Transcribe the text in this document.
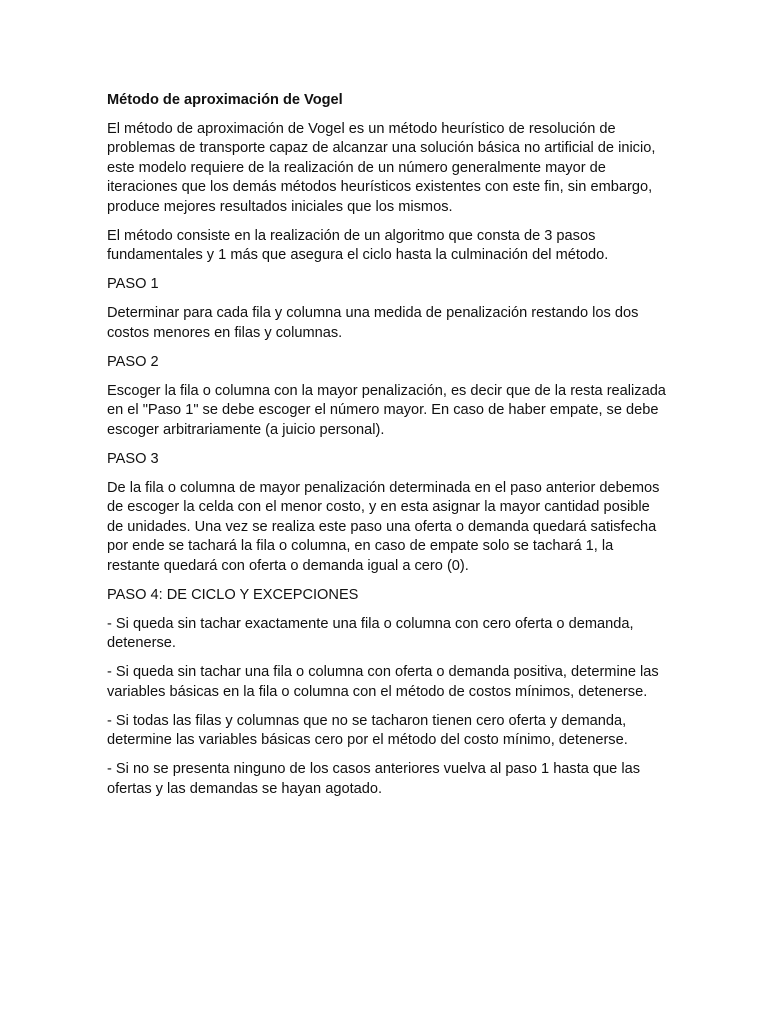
Método de aproximación de Vogel

El método de aproximación de Vogel es un método heurístico de resolución de problemas de transporte capaz de alcanzar una solución básica no artificial de inicio, este modelo requiere de la realización de un número generalmente mayor de iteraciones que los demás métodos heurísticos existentes con este fin, sin embargo, produce mejores resultados iniciales que los mismos.

El método consiste en la realización de un algoritmo que consta de 3 pasos fundamentales y 1 más que asegura el ciclo hasta la culminación del método.

PASO 1

Determinar para cada fila y columna una medida de penalización restando los dos costos menores en filas y columnas.

PASO 2

Escoger la fila o columna con la mayor penalización, es decir que de la resta realizada en el "Paso 1" se debe escoger el número mayor. En caso de haber empate, se debe escoger arbitrariamente (a juicio personal).

PASO 3

De la fila o columna de mayor penalización determinada en el paso anterior debemos de escoger la celda con el menor costo, y en esta asignar la mayor cantidad posible de unidades. Una vez se realiza este paso una oferta o demanda quedará satisfecha por ende se tachará la fila o columna, en caso de empate solo se tachará 1, la restante quedará con oferta o demanda igual a cero (0).

PASO 4: DE CICLO Y EXCEPCIONES

- Si queda sin tachar exactamente una fila o columna con cero oferta o demanda, detenerse.

- Si queda sin tachar una fila o columna con oferta o demanda positiva, determine las variables básicas en la fila o columna con el método de costos mínimos, detenerse.

- Si todas las filas y columnas que no se tacharon tienen cero oferta y demanda, determine las variables básicas cero por el método del costo mínimo, detenerse.

- Si no se presenta ninguno de los casos anteriores vuelva al paso 1 hasta que las ofertas y las demandas se hayan agotado.
